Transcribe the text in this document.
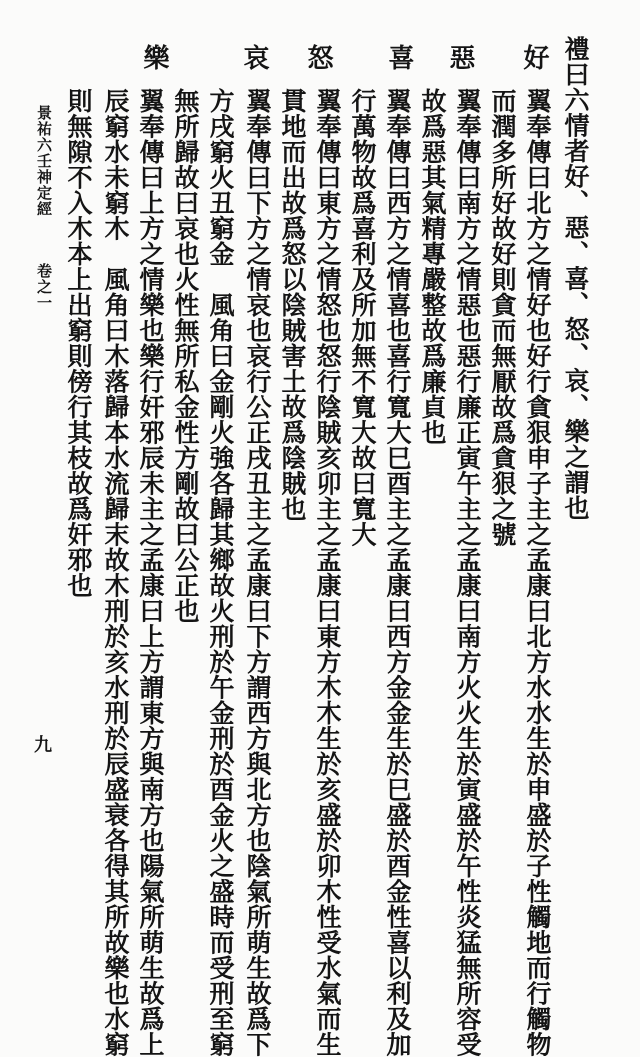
好
惡
喜
怒
哀
樂	禮曰六情者好、惡、喜、怒、哀、樂之謂也
翼奉傳曰北方之情好也好行貪狠申子主之孟康曰北方水水生於申盛於子性觸地而行觸物
而潤多所好故好則貪而無厭故爲貪狠之號
翼奉傳曰南方之情惡也惡行廉正寅午主之孟康曰南方火火生於寅盛於午性炎猛無所容受
故爲惡其氣精專嚴整故爲廉貞也
翼奉傳曰西方之情喜也喜行寬大巳酉主之孟康曰西方金金生於巳盛於酉金性喜以利及加
行萬物故爲喜利及所加無不寬大故曰寬大
翼奉傳曰東方之情怒也怒行陰賊亥卯主之孟康曰東方木木生於亥盛於卯木性受水氣而生
貫地而出故爲怒以陰賊害土故爲陰賊也
翼奉傳曰下方之情哀也哀行公正戌丑主之孟康曰下方謂西方與北方也陰氣所萌生故爲下
方戌窮火丑窮金　風角曰金剛火強各歸其鄉故火刑於午金刑於酉金火之盛時而受刑至窮
無所歸故曰哀也火性無所私金性方剛故曰公正也
翼奉傳曰上方之情樂也樂行奸邪辰未主之孟康曰上方謂東方與南方也陽氣所萌生故爲上
辰窮水未窮木　風角曰木落歸本水流歸末故木刑於亥水刑於辰盛衰各得其所故樂也水窮
則無隙不入木本上出窮則傍行其枝故爲奸邪也
景祐六壬神定經
卷之一
九
